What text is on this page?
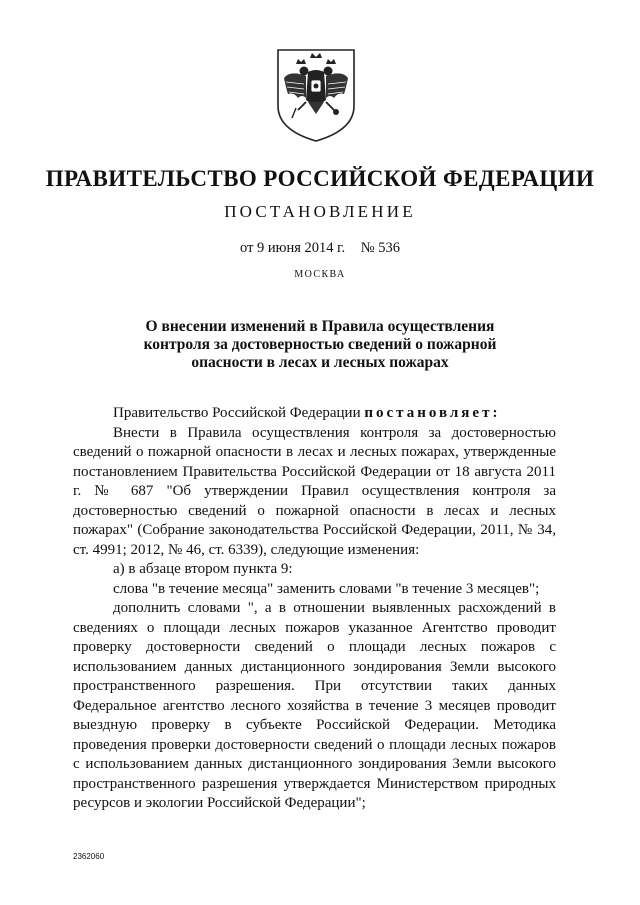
ПРАВИТЕЛЬСТВО РОССИЙСКОЙ ФЕДЕРАЦИИ
ПОСТАНОВЛЕНИЕ
от 9 июня 2014 г. № 536
МОСКВА
О внесении изменений в Правила осуществления
контроля за достоверностью сведений о пожарной
опасности в лесах и лесных пожарах

Правительство Российской Федерации постановляет:

Внести в Правила осуществления контроля за достоверностью сведений о пожарной опасности в лесах и лесных пожарах, утвержденные постановлением Правительства Российской Федерации от 18 августа 2011 г. № 687 "Об утверждении Правил осуществления контроля за достоверностью сведений о пожарной опасности в лесах и лесных пожарах" (Собрание законодательства Российской Федерации, 2011, № 34, ст. 4991; 2012, № 46, ст. 6339), следующие изменения:

а) в абзаце втором пункта 9:

слова "в течение месяца" заменить словами "в течение 3 месяцев";

дополнить словами ", а в отношении выявленных расхождений в сведениях о площади лесных пожаров указанное Агентство проводит проверку достоверности сведений о площади лесных пожаров с использованием данных дистанционного зондирования Земли высокого пространственного разрешения. При отсутствии таких данных Федеральное агентство лесного хозяйства в течение 3 месяцев проводит выездную проверку в субъекте Российской Федерации. Методика проведения проверки достоверности сведений о площади лесных пожаров с использованием данных дистанционного зондирования Земли высокого пространственного разрешения утверждается Министерством природных ресурсов и экологии Российской Федерации";

2362060
